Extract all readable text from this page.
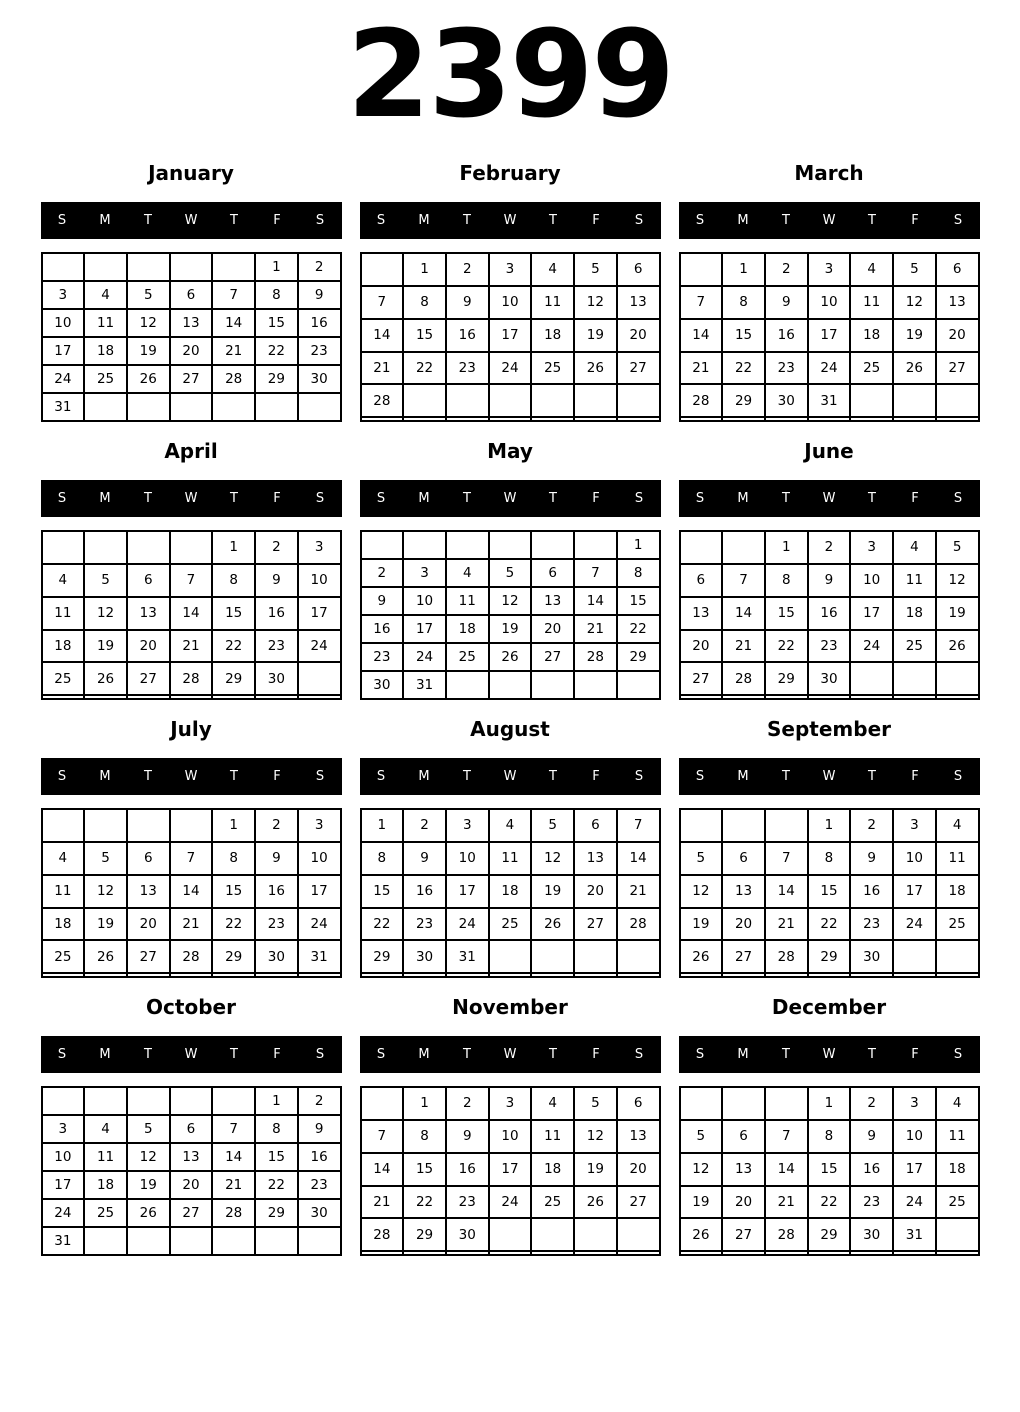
2399
January
S	M	T	W	T	F	S
					1	2
3	4	5	6	7	8	9
10	11	12	13	14	15	16
17	18	19	20	21	22	23
24	25	26	27	28	29	30
31						
February
S	M	T	W	T	F	S
	1	2	3	4	5	6
7	8	9	10	11	12	13
14	15	16	17	18	19	20
21	22	23	24	25	26	27
28						

March
S	M	T	W	T	F	S
	1	2	3	4	5	6
7	8	9	10	11	12	13
14	15	16	17	18	19	20
21	22	23	24	25	26	27
28	29	30	31			

April
S	M	T	W	T	F	S
				1	2	3
4	5	6	7	8	9	10
11	12	13	14	15	16	17
18	19	20	21	22	23	24
25	26	27	28	29	30	

May
S	M	T	W	T	F	S
						1
2	3	4	5	6	7	8
9	10	11	12	13	14	15
16	17	18	19	20	21	22
23	24	25	26	27	28	29
30	31					
June
S	M	T	W	T	F	S
		1	2	3	4	5
6	7	8	9	10	11	12
13	14	15	16	17	18	19
20	21	22	23	24	25	26
27	28	29	30			

July
S	M	T	W	T	F	S
				1	2	3
4	5	6	7	8	9	10
11	12	13	14	15	16	17
18	19	20	21	22	23	24
25	26	27	28	29	30	31

August
S	M	T	W	T	F	S
1	2	3	4	5	6	7
8	9	10	11	12	13	14
15	16	17	18	19	20	21
22	23	24	25	26	27	28
29	30	31				

September
S	M	T	W	T	F	S
			1	2	3	4
5	6	7	8	9	10	11
12	13	14	15	16	17	18
19	20	21	22	23	24	25
26	27	28	29	30		

October
S	M	T	W	T	F	S
					1	2
3	4	5	6	7	8	9
10	11	12	13	14	15	16
17	18	19	20	21	22	23
24	25	26	27	28	29	30
31						
November
S	M	T	W	T	F	S
	1	2	3	4	5	6
7	8	9	10	11	12	13
14	15	16	17	18	19	20
21	22	23	24	25	26	27
28	29	30				

December
S	M	T	W	T	F	S
			1	2	3	4
5	6	7	8	9	10	11
12	13	14	15	16	17	18
19	20	21	22	23	24	25
26	27	28	29	30	31	
